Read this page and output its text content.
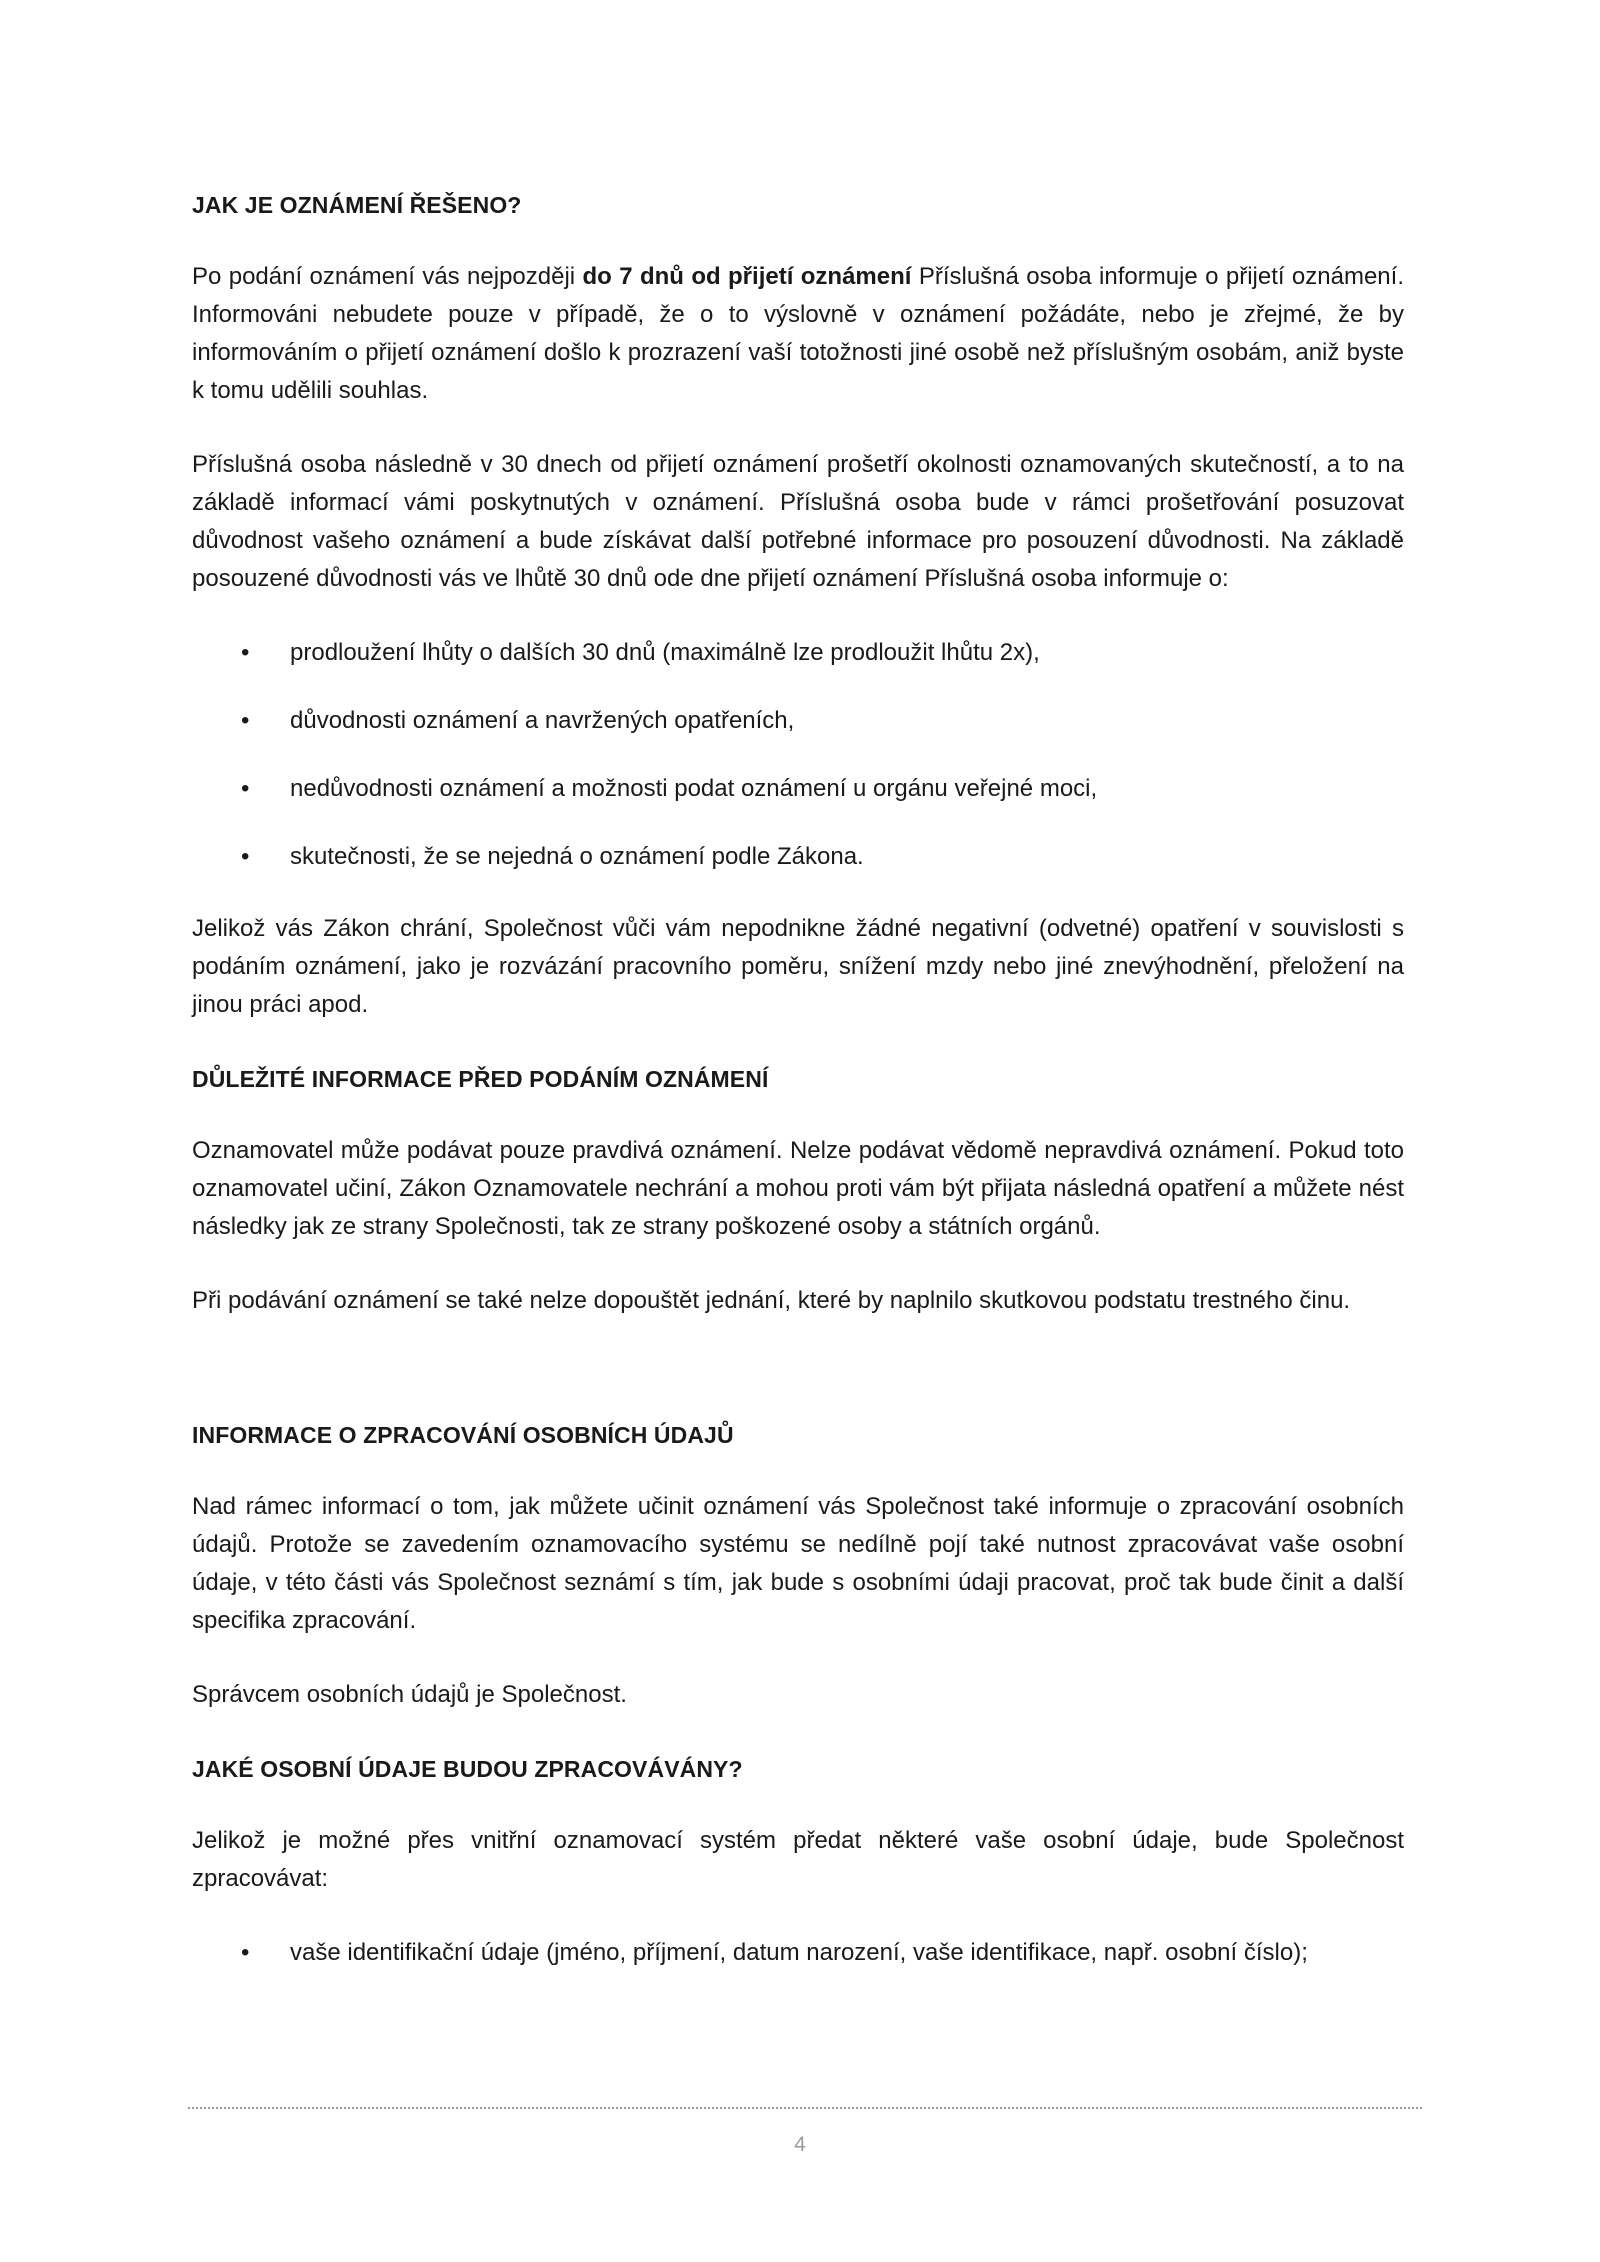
JAK JE OZNÁMENÍ ŘEŠENO?

Po podání oznámení vás nejpozději do 7 dnů od přijetí oznámení Příslušná osoba informuje o přijetí oznámení. Informováni nebudete pouze v případě, že o to výslovně v oznámení požádáte, nebo je zřejmé, že by informováním o přijetí oznámení došlo k prozrazení vaší totožnosti jiné osobě než příslušným osobám, aniž byste k tomu udělili souhlas.

Příslušná osoba následně v 30 dnech od přijetí oznámení prošetří okolnosti oznamovaných skutečností, a to na základě informací vámi poskytnutých v oznámení. Příslušná osoba bude v rámci prošetřování posuzovat důvodnost vašeho oznámení a bude získávat další potřebné informace pro posouzení důvodnosti. Na základě posouzené důvodnosti vás ve lhůtě 30 dnů ode dne přijetí oznámení Příslušná osoba informuje o:

• prodloužení lhůty o dalších 30 dnů (maximálně lze prodloužit lhůtu 2x),
• důvodnosti oznámení a navržených opatřeních,
• nedůvodnosti oznámení a možnosti podat oznámení u orgánu veřejné moci,
• skutečnosti, že se nejedná o oznámení podle Zákona.

Jelikož vás Zákon chrání, Společnost vůči vám nepodnikne žádné negativní (odvetné) opatření v souvislosti s podáním oznámení, jako je rozvázání pracovního poměru, snížení mzdy nebo jiné znevýhodnění, přeložení na jinou práci apod.

DŮLEŽITÉ INFORMACE PŘED PODÁNÍM OZNÁMENÍ

Oznamovatel může podávat pouze pravdivá oznámení. Nelze podávat vědomě nepravdivá oznámení. Pokud toto oznamovatel učiní, Zákon Oznamovatele nechrání a mohou proti vám být přijata následná opatření a můžete nést následky jak ze strany Společnosti, tak ze strany poškozené osoby a státních orgánů.

Při podávání oznámení se také nelze dopouštět jednání, které by naplnilo skutkovou podstatu trestného činu.

INFORMACE O ZPRACOVÁNÍ OSOBNÍCH ÚDAJŮ

Nad rámec informací o tom, jak můžete učinit oznámení vás Společnost také informuje o zpracování osobních údajů. Protože se zavedením oznamovacího systému se nedílně pojí také nutnost zpracovávat vaše osobní údaje, v této části vás Společnost seznámí s tím, jak bude s osobními údaji pracovat, proč tak bude činit a další specifika zpracování.

Správcem osobních údajů je Společnost.

JAKÉ OSOBNÍ ÚDAJE BUDOU ZPRACOVÁVÁNY?

Jelikož je možné přes vnitřní oznamovací systém předat některé vaše osobní údaje, bude Společnost zpracovávat:

• vaše identifikační údaje (jméno, příjmení, datum narození, vaše identifikace, např. osobní číslo);
4
